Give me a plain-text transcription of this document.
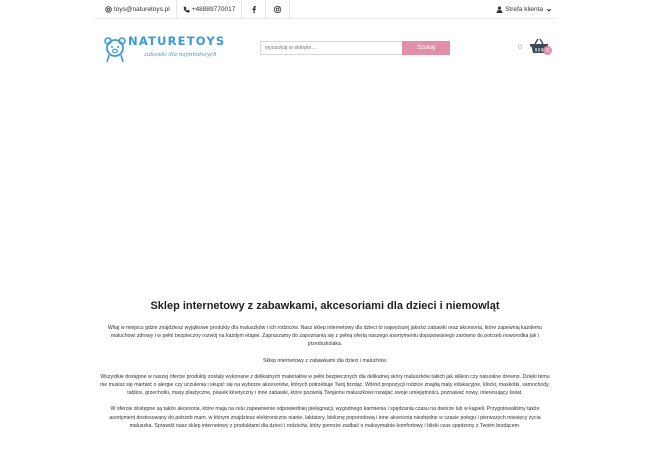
toys@naturetoys.pl	+48889770017	Strefa klienta
NATURETOYS
zabawki dla najmłodszych
wyszukaj w sklepie...
Szukaj	0	0
Sklep internetowy z zabawkami, akcesoriami dla dzieci i niemowląt

Witaj w miejscu gdzie znajdziesz wyjątkowe produkty dla maluszków i ich rodziców. Nasz sklep internetowy dla dzieci to najwyższej jakości zabawki oraz akcesoria, które zapewnią każdemu maluchowi zdrowy i w pełni bezpieczny rozwój na każdym etapie. Zapraszamy do zapoznania się z pełną ofertą naszego asortymentu dopasowanego zarówno do potrzeb noworodka jak i przedszkolaka.

Sklep internetowy z zabawkami dla dzieci i maluchów.

Wszystkie dostępne w naszej ofercie produkty zostały wykonane z delikatnych materiałów w pełni bezpiecznych dla delikatnej skóry maluszków takich jak silikon czy naturalne drewno. Dzięki temu nie musisz się martwić o alergie czy uczulenia i skupić się na wyborze akcesoriów, których potrzebuje Twój brzdąc. Wśród propozycji rodzice znajdą maty edukacyjne, klocki, maskotki, samochody, tablice, grzechotki, masy plastyczne, piasek kinetyczny i inne zabawki, które pozwolą Twojemu maluszkowi rozwijać swoje umiejętności, poznawać nowy, interesujący świat.

W ofercie dostępne są także akcesoria, które mają na celu zapewnienie odpowiedniej pielęgnacji, wygodnego karmienia i spędzania czasu na dworze lub w kąpieli. Przygotowaliśmy także asortyment dostosowany do potrzeb mam, w którym znajdziesz elektroniczne nianie, laktatory, bieliznę poporodową i inne akcesoria niezbędne w czasie połogu i pierwszych miesięcy życia maluszka. Sprawdź nasz sklep internetowy z produktami dla dzieci i rodziców, który pomoże zadbać o maksymalnie komfortowy i bliski czas spędzony z Twoim brzdącem.
